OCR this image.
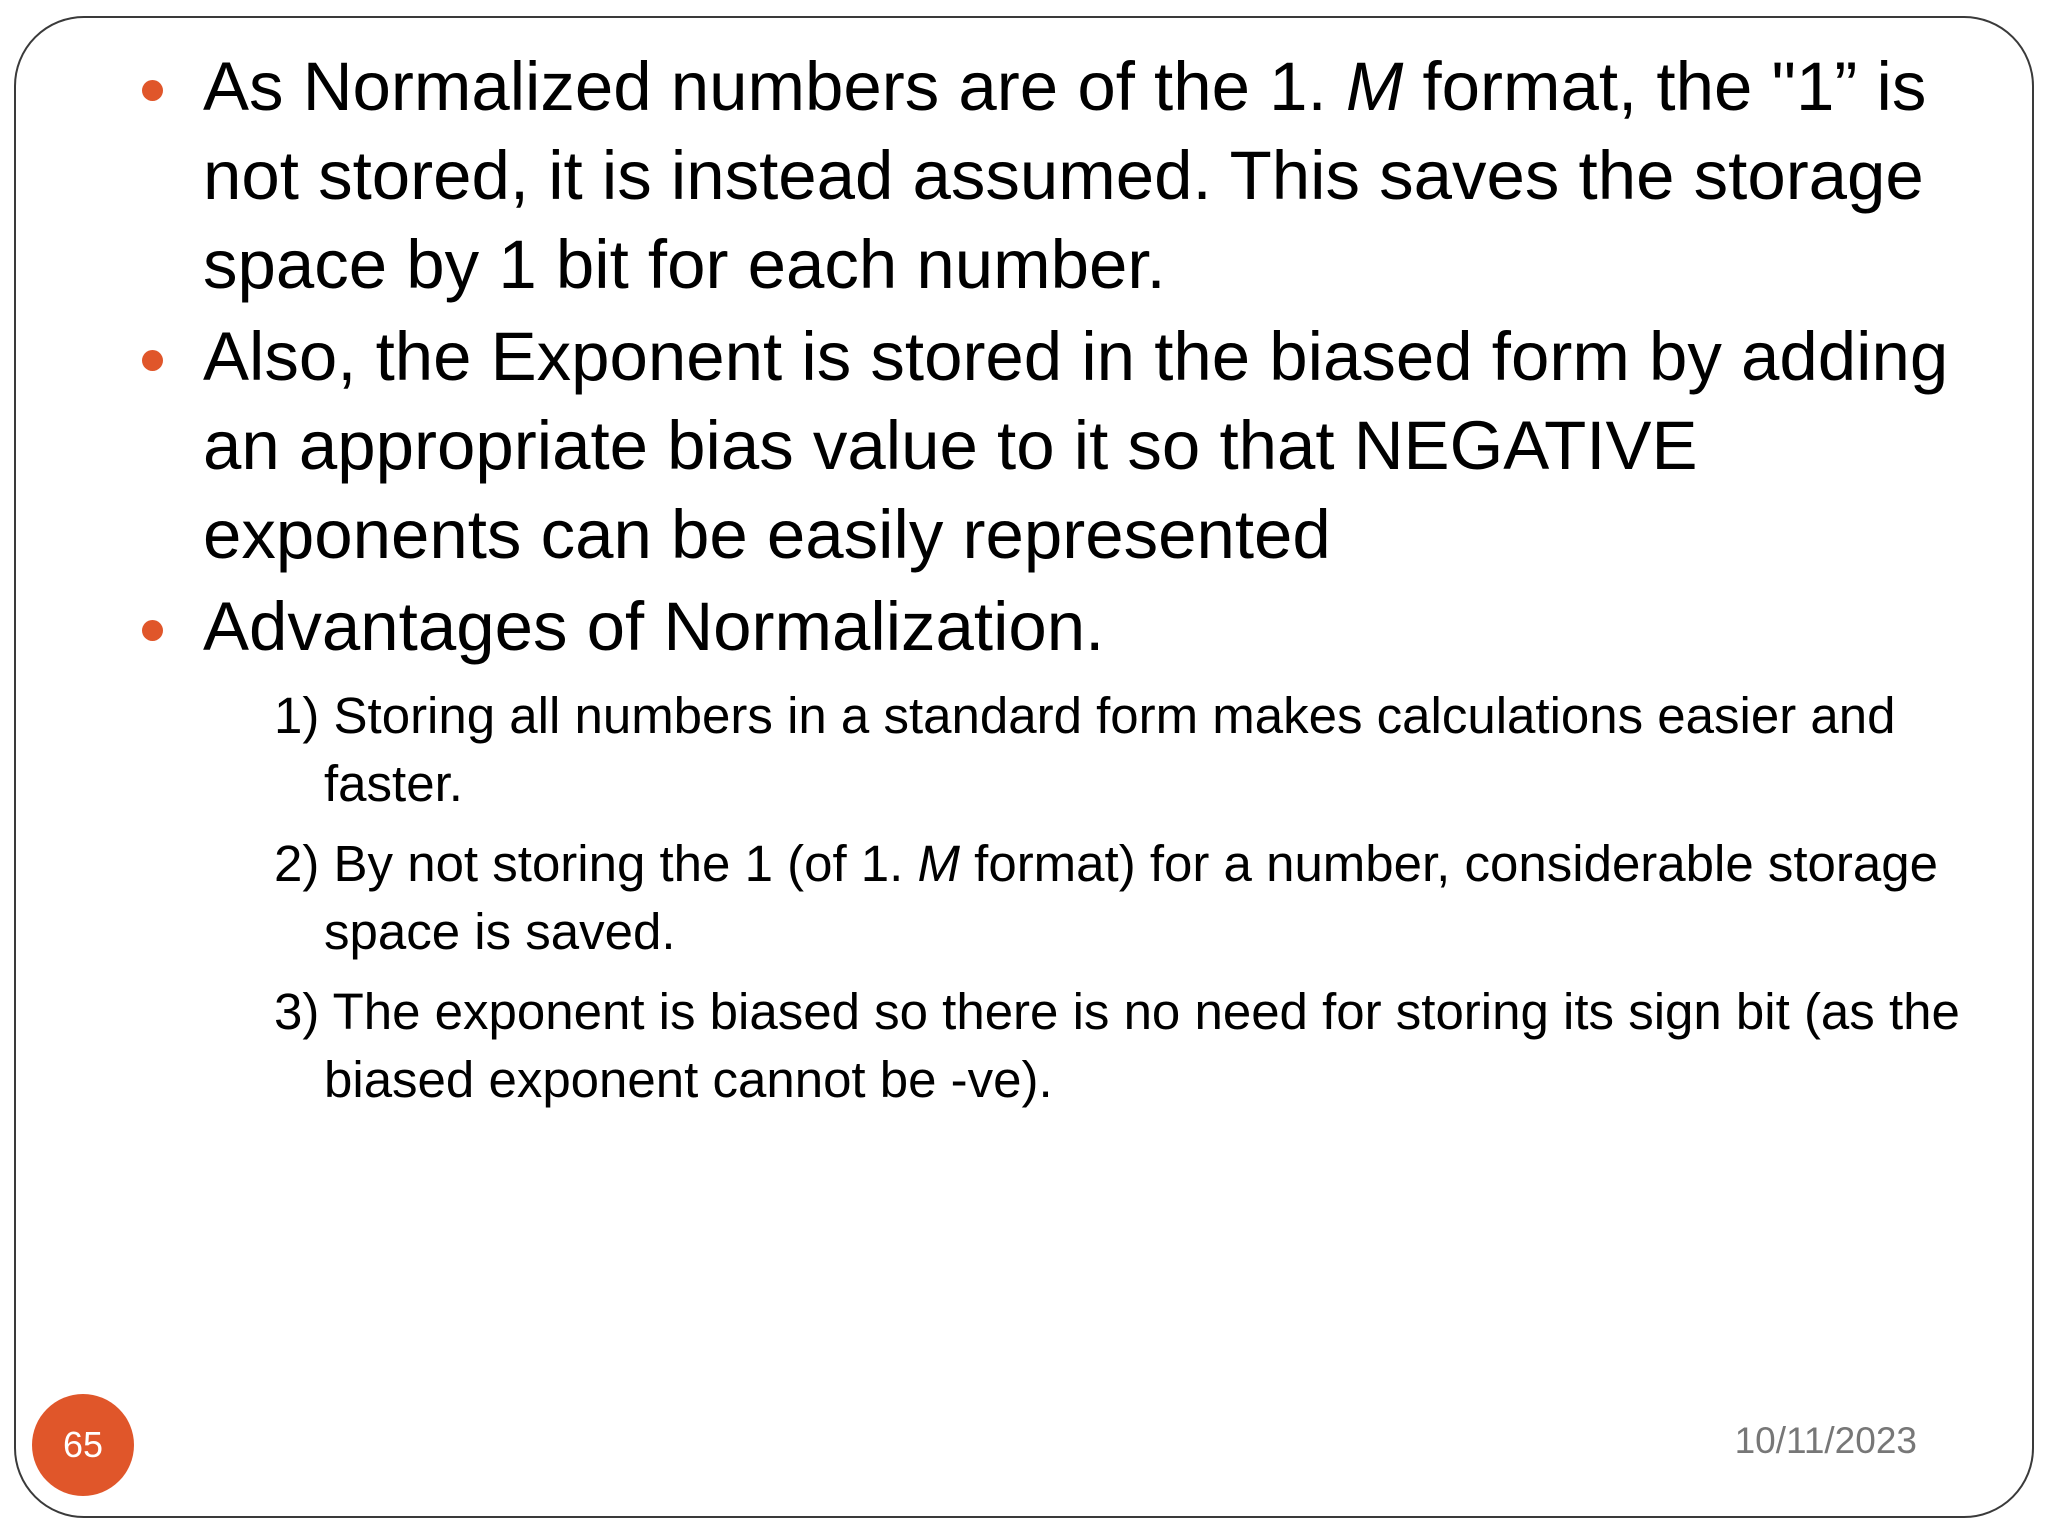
As Normalized numbers are of the 1. M format, the "1” is not stored, it is instead assumed. This saves the storage space by 1 bit for each number.
Also, the Exponent is stored in the biased form by adding an appropriate bias value to it so that NEGATIVE exponents can be easily represented
Advantages of Normalization.
1) Storing all numbers in a standard form makes calculations easier and faster.
2) By not storing the 1 (of 1. M format) for a number, considerable storage space is saved.
3) The exponent is biased so there is no need for storing its sign bit (as the biased exponent cannot be -ve).
65	10/11/2023
